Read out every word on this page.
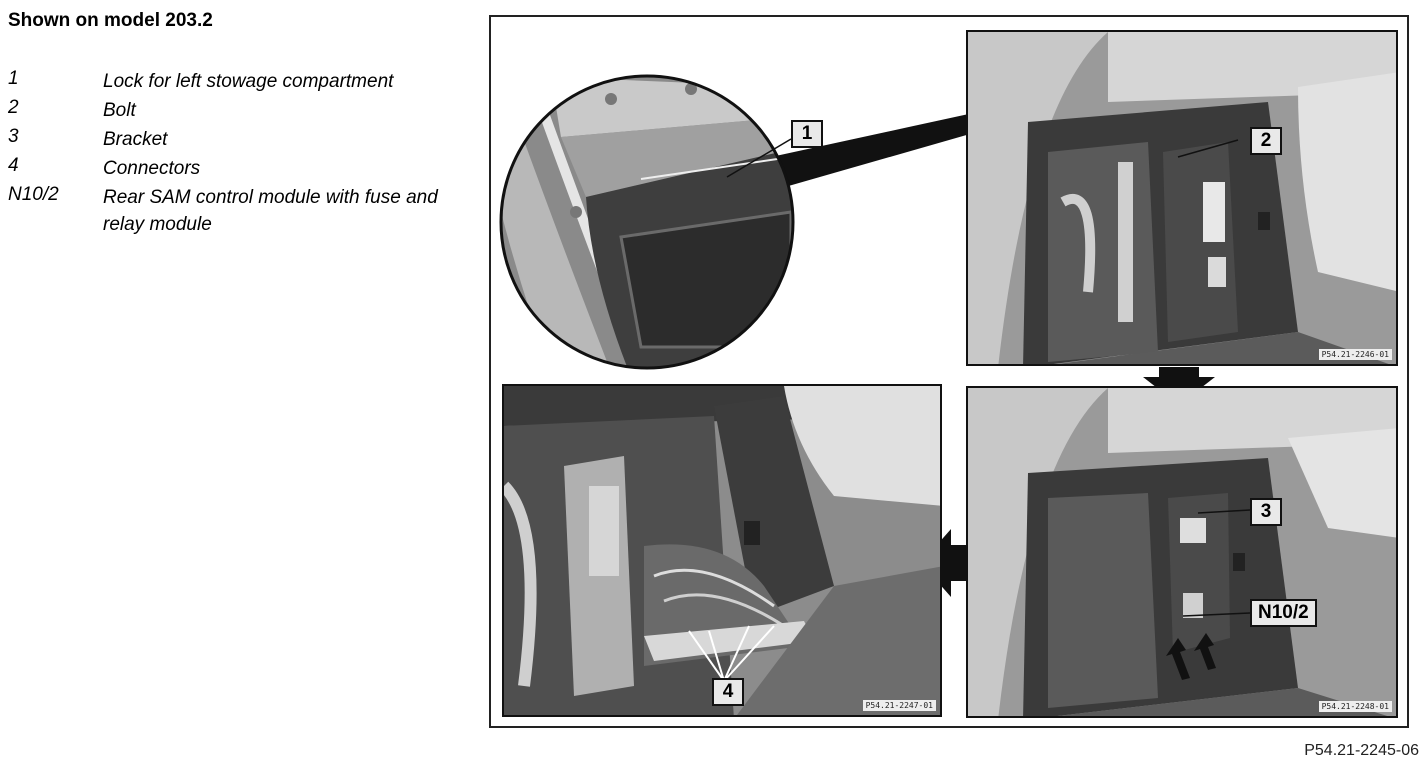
Shown on model 203.2
1	Lock for left stowage compartment
2	Bolt
3	Bracket
4	Connectors
N10/2 Rear SAM control module with fuse and relay module
1	2
P54.21-2246-01
3
N10/2
P54.21-2248-01
4
P54.21-2247-01
P54.21-2245-06
